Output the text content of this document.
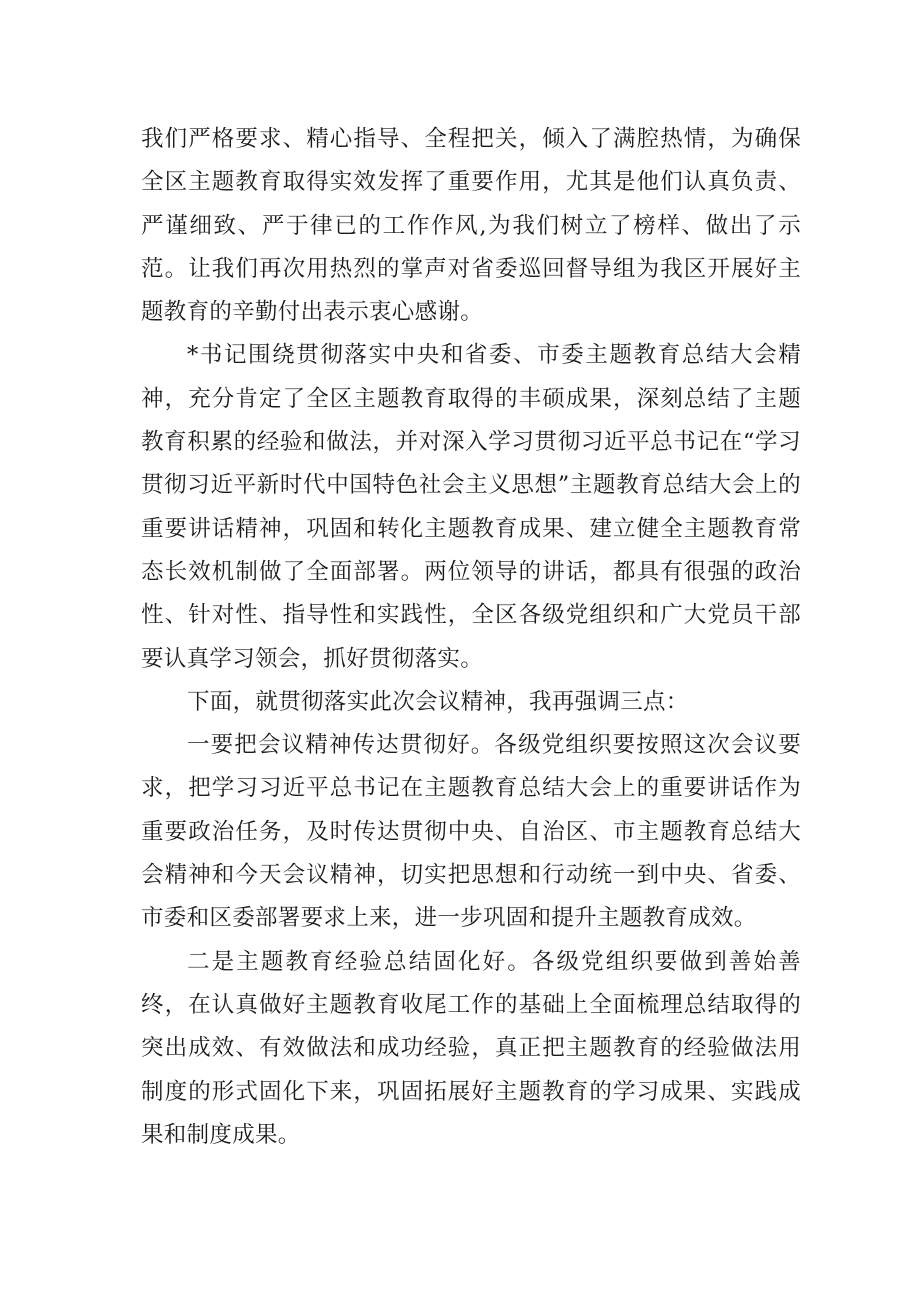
我们严格要求、精心指导、全程把关，倾入了满腔热情，为确保全区主题教育取得实效发挥了重要作用，尤其是他们认真负责、严谨细致、严于律已的工作作风,为我们树立了榜样、做出了示范。让我们再次用热烈的掌声对省委巡回督导组为我区开展好主题教育的辛勤付出表示衷心感谢。

*书记围绕贯彻落实中央和省委、市委主题教育总结大会精神，充分肯定了全区主题教育取得的丰硕成果，深刻总结了主题教育积累的经验和做法，并对深入学习贯彻习近平总书记在“学习贯彻习近平新时代中国特色社会主义思想”主题教育总结大会上的重要讲话精神，巩固和转化主题教育成果、建立健全主题教育常态长效机制做了全面部署。两位领导的讲话，都具有很强的政治性、针对性、指导性和实践性，全区各级党组织和广大党员干部要认真学习领会，抓好贯彻落实。

下面，就贯彻落实此次会议精神，我再强调三点：

一要把会议精神传达贯彻好。各级党组织要按照这次会议要求，把学习习近平总书记在主题教育总结大会上的重要讲话作为重要政治任务，及时传达贯彻中央、自治区、市主题教育总结大会精神和今天会议精神，切实把思想和行动统一到中央、省委、市委和区委部署要求上来，进一步巩固和提升主题教育成效。

二是主题教育经验总结固化好。各级党组织要做到善始善终，在认真做好主题教育收尾工作的基础上全面梳理总结取得的突出成效、有效做法和成功经验，真正把主题教育的经验做法用制度的形式固化下来，巩固拓展好主题教育的学习成果、实践成果和制度成果。
